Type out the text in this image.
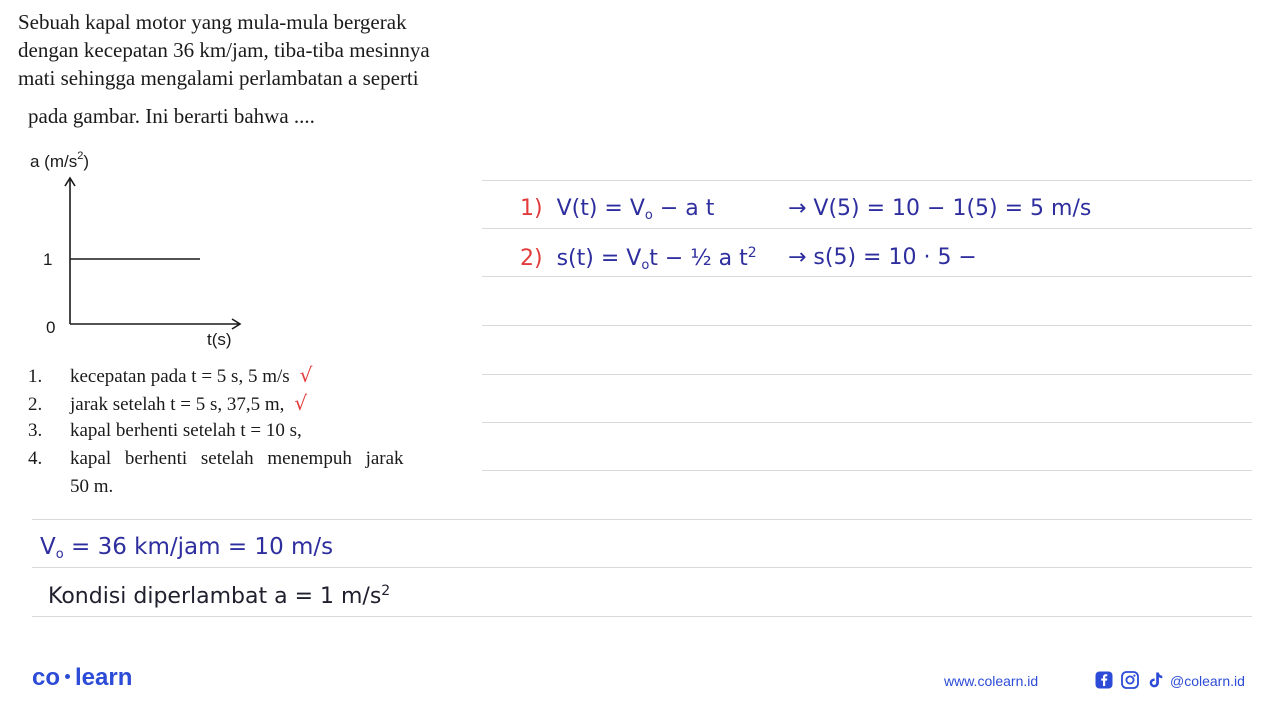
Sebuah kapal motor yang mula-mula bergerak
dengan kecepatan 36 km/jam, tiba-tiba mesinnya
mati sehingga mengalami perlambatan a seperti
pada gambar. Ini berarti bahwa ....
a $(m/s^2)$
1
0
t(s)
1. kecepatan pada t = 5 s, 5 m/s √
2. jarak setelah t = 5 s, 37,5 m, √
3. kapal berhenti setelah t = 10 s,
4. kapal berhenti setelah menempuh jarak
50 m.
1) $V(t) = V_o - a$ t	→ V(5) = 10 − 1(5) = 5 m/s
2) $s(t) = V_ot$ − ½ a $t^2 \to s(5) = 10 \cdot 5$ −
$V_o = 36$ km/jam = 10 m/s
Kondisi diperlambat a = 1 $m/s^2$
co learn	www.colearn.id	@colearn.id
